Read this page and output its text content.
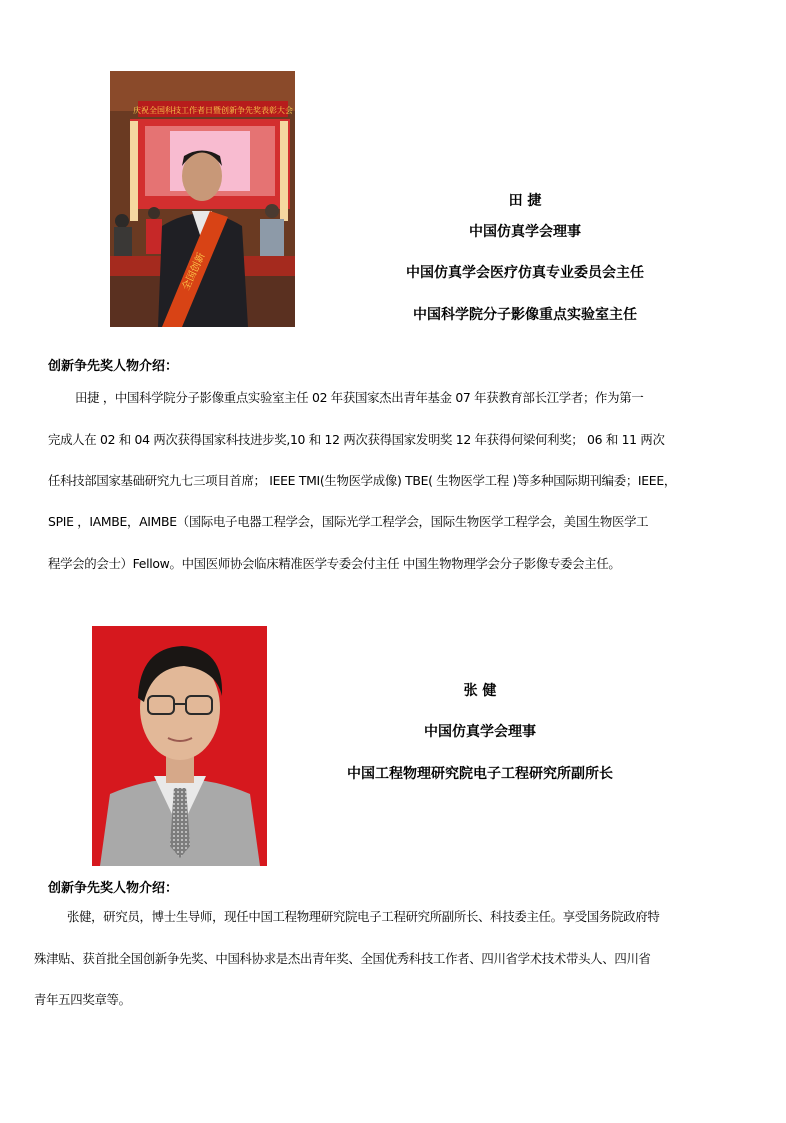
庆祝全国科技工作者日暨创新争先奖表彰大会
全国创新
田 捷
中国仿真学会理事
中国仿真学会医疗仿真专业委员会主任
中国科学院分子影像重点实验室主任
创新争先奖人物介绍：
田捷 ，中国科学院分子影像重点实验室主任 02 年获国家杰出青年基金 07 年获教育部长江学者；作为第一
完成人在 02 和 04 两次获得国家科技进步奖,10 和 12 两次获得国家发明奖 12 年获得何梁何利奖； 06 和 11 两次
任科技部国家基础研究九七三项目首席； IEEE TMI(生物医学成像) TBE( 生物医学工程 )等多种国际期刊编委；IEEE，
SPIE ，IAMBE，AIMBE（国际电子电器工程学会，国际光学工程学会，国际生物医学工程学会，美国生物医学工
程学会的会士）Fellow。中国医师协会临床精准医学专委会付主任 中国生物物理学会分子影像专委会主任。
张 健
中国仿真学会理事
中国工程物理研究院电子工程研究所副所长
创新争先奖人物介绍：
张健，研究员，博士生导师，现任中国工程物理研究院电子工程研究所副所长、科技委主任。享受国务院政府特
殊津贴、获首批全国创新争先奖、中国科协求是杰出青年奖、全国优秀科技工作者、四川省学术技术带头人、四川省
青年五四奖章等。
